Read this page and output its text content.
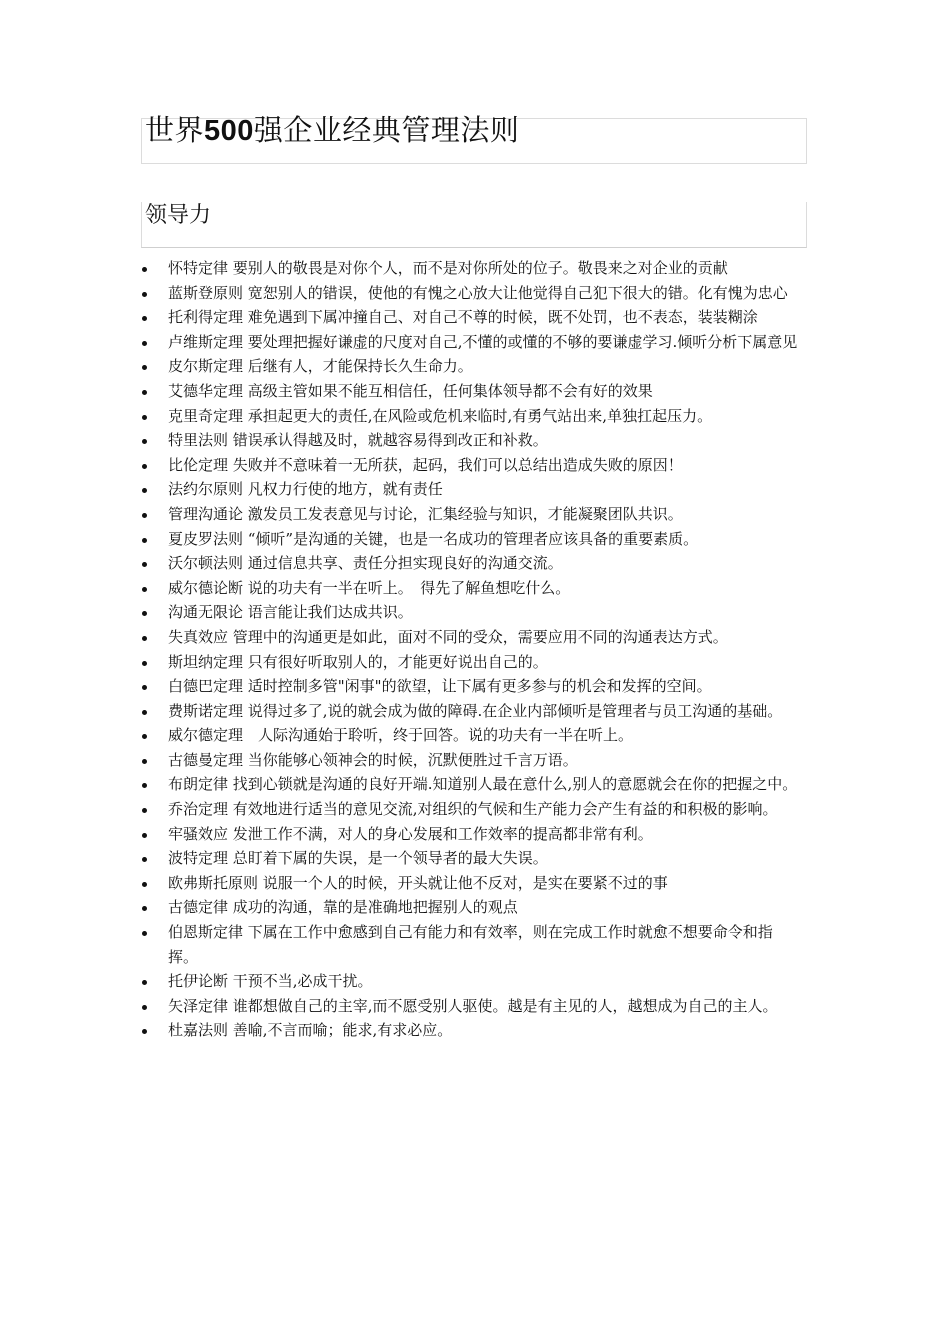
世界500强企业经典管理法则
领导力
怀特定律 要别人的敬畏是对你个人，而不是对你所处的位子。敬畏来之对企业的贡献
蓝斯登原则 宽恕别人的错误，使他的有愧之心放大让他觉得自己犯下很大的错。化有愧为忠心
托利得定理 难免遇到下属冲撞自己、对自己不尊的时候，既不处罚，也不表态，装装糊涂
卢维斯定理 要处理把握好谦虚的尺度对自己,不懂的或懂的不够的要谦虚学习.倾听分析下属意见
皮尔斯定理 后继有人，才能保持长久生命力。
艾德华定理 高级主管如果不能互相信任，任何集体领导都不会有好的效果
克里奇定理 承担起更大的责任,在风险或危机来临时,有勇气站出来,单独扛起压力。
特里法则 错误承认得越及时，就越容易得到改正和补救。
比伦定理 失败并不意味着一无所获，起码，我们可以总结出造成失败的原因！
法约尔原则 凡权力行使的地方，就有责任
管理沟通论 激发员工发表意见与讨论，汇集经验与知识，才能凝聚团队共识。
夏皮罗法则 “倾听”是沟通的关键，也是一名成功的管理者应该具备的重要素质。
沃尔顿法则 通过信息共享、责任分担实现良好的沟通交流。
威尔德论断 说的功夫有一半在听上。　得先了解鱼想吃什么。
沟通无限论 语言能让我们达成共识。
失真效应 管理中的沟通更是如此，面对不同的受众，需要应用不同的沟通表达方式。
斯坦纳定理 只有很好听取别人的，才能更好说出自己的。
白德巴定理 适时控制多管"闲事"的欲望，让下属有更多参与的机会和发挥的空间。
费斯诺定理 说得过多了,说的就会成为做的障碍.在企业内部倾听是管理者与员工沟通的基础。
威尔德定理　人际沟通始于聆听，终于回答。说的功夫有一半在听上。
古德曼定理 当你能够心领神会的时候，沉默便胜过千言万语。
布朗定律 找到心锁就是沟通的良好开端.知道别人最在意什么,别人的意愿就会在你的把握之中。
乔治定理 有效地进行适当的意见交流,对组织的气候和生产能力会产生有益的和积极的影响。
牢骚效应 发泄工作不满，对人的身心发展和工作效率的提高都非常有利。
波特定理 总盯着下属的失误，是一个领导者的最大失误。
欧弗斯托原则 说服一个人的时候，开头就让他不反对，是实在要紧不过的事
古德定律 成功的沟通，靠的是准确地把握别人的观点
伯恩斯定律 下属在工作中愈感到自己有能力和有效率，则在完成工作时就愈不想要命令和指挥。
托伊论断 干预不当,必成干扰。
矢泽定律 谁都想做自己的主宰,而不愿受别人驱使。越是有主见的人，越想成为自己的主人。
杜嘉法则 善喻,不言而喻；能求,有求必应。
